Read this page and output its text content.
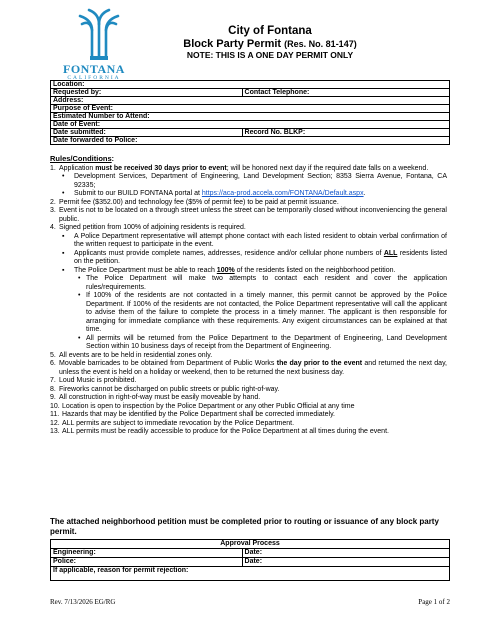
FONTANA
CALIFORNIA
City of Fontana
Block Party Permit (Res. No. 81-147)
NOTE: THIS IS A ONE DAY PERMIT ONLY
Location:	
Requested by:	Contact Telephone:
Address:	
Purpose of Event:	
Estimated Number to Attend:	
Date of Event:	
Date submitted:	Record No. BLKP:
Date forwarded to Police:	
Rules/Conditions:
1. Application must be received 30 days prior to event; will be honored next day if the required date falls on a weekend.
• Development Services, Department of Engineering, Land Development Section; 8353 Sierra Avenue, Fontana, CA 92335;
• Submit to our BUILD FONTANA portal at https://aca-prod.accela.com/FONTANA/Default.aspx.
2. Permit fee ($352.00) and technology fee ($5% of permit fee) to be paid at permit issuance.
3. Event is not to be located on a through street unless the street can be temporarily closed without inconveniencing the general public.
4. Signed petition from 100% of adjoining residents is required.
▪ A Police Department representative will attempt phone contact with each listed resident to obtain verbal confirmation of the written request to participate in the event.
▪ Applicants must provide complete names, addresses, residence and/or cellular phone numbers of ALL residents listed on the petition.
▪ The Police Department must be able to reach 100% of the residents listed on the neighborhood petition.
• The Police Department will make two attempts to contact each resident and cover the application rules/requirements.
• If 100% of the residents are not contacted in a timely manner, this permit cannot be approved by the Police Department. If 100% of the residents are not contacted, the Police Department representative will call the applicant to advise them of the failure to complete the process in a timely manner. The applicant is then responsible for arranging for immediate compliance with these requirements. Any exigent circumstances can be explained at that time.
• All permits will be returned from the Police Department to the Department of Engineering, Land Development Section within 10 business days of receipt from the Department of Engineering.
5. All events are to be held in residential zones only.
6. Movable barricades to be obtained from Department of Public Works the day prior to the event and returned the next day, unless the event is held on a holiday or weekend, then to be returned the next business day.
7. Loud Music is prohibited.
8. Fireworks cannot be discharged on public streets or public right-of-way.
9. All construction in right-of-way must be easily moveable by hand.
10. Location is open to inspection by the Police Department or any other Public Official at any time
11. Hazards that may be identified by the Police Department shall be corrected immediately.
12. ALL permits are subject to immediate revocation by the Police Department.
13. ALL permits must be readily accessible to produce for the Police Department at all times during the event.
The attached neighborhood petition must be completed prior to routing or issuance of any block party permit.
Approval Process	
Engineering:	Date:
Police:	Date:
If applicable, reason for permit rejection:	
Rev. 7/13/2026 EG/RG	Page 1 of 2
